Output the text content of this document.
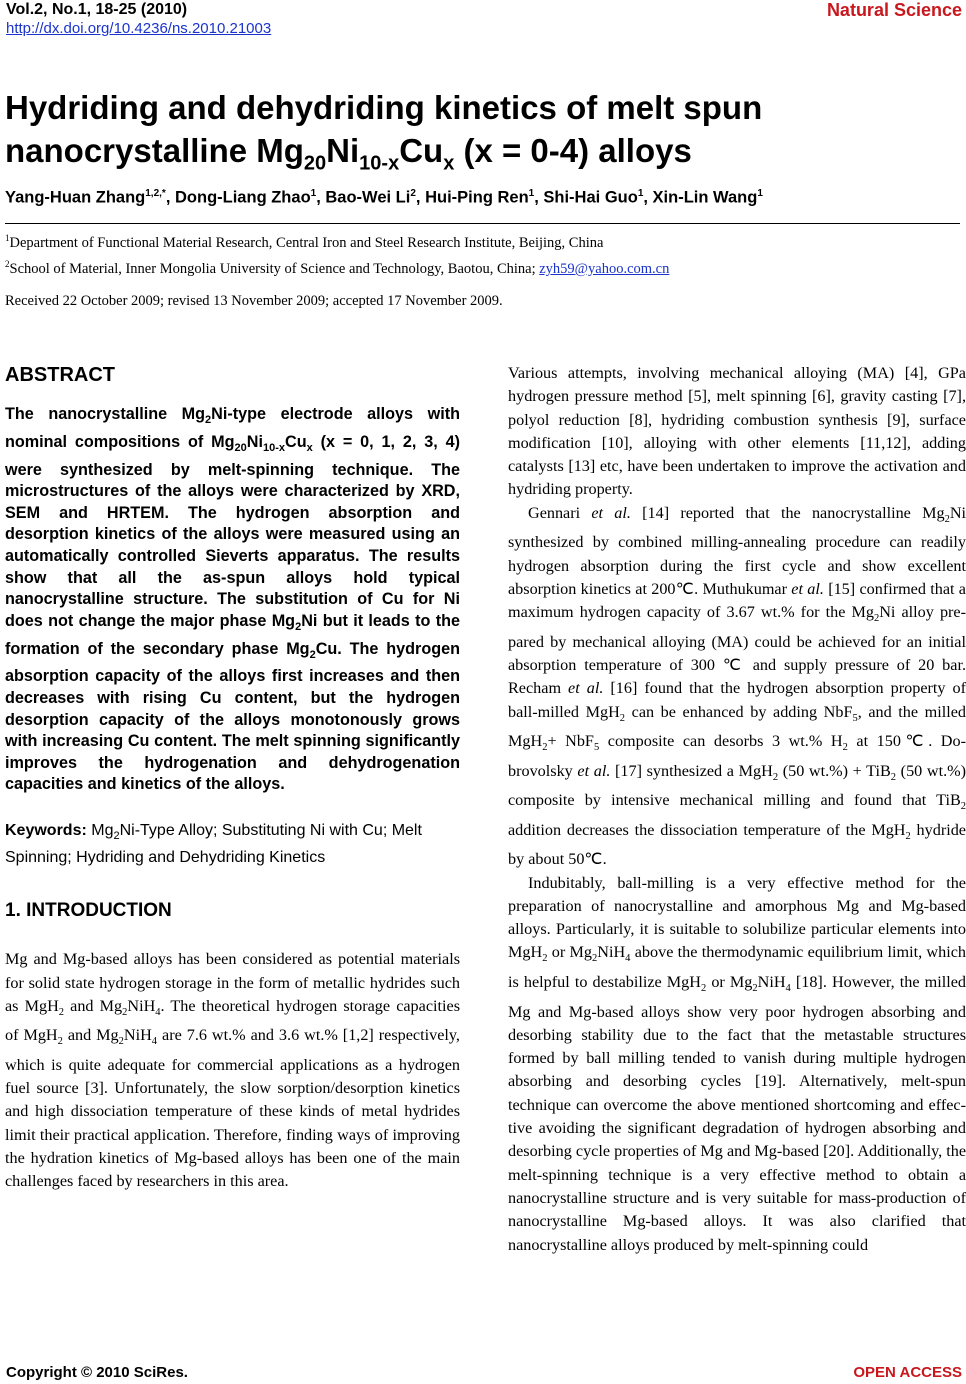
Vol.2, No.1, 18-25 (2010)
http://dx.doi.org/10.4236/ns.2010.21003
Natural Science
Hydriding and dehydriding kinetics of melt spun
nanocrystalline $Mg_{20}Ni_{10-x}Cu_x$ (x = 0-4) alloys
Yang-Huan Zhang$^{1,2,*}$, Dong-Liang Zhao$^1$, Bao-Wei Li$^2$, Hui-Ping Ren$^1$, Shi-Hai Guo$^1$, Xin-Lin Wang$^1$
$^1$Department of Functional Material Research, Central Iron and Steel Research Institute, Beijing, China
$^2$School of Material, Inner Mongolia University of Science and Technology, Baotou, China; zyh59@yahoo.com.cn
Received 22 October 2009; revised 13 November 2009; accepted 17 November 2009.
ABSTRACT

The nanocrystalline $Mg_2Ni$-type electrode alloys with nominal compositions of $Mg_{20}Ni_{10-x}Cu_x$ (x = 0, 1, 2, 3, 4) were synthesized by melt-spinning technique. The microstructures of the alloys were characterized by XRD, SEM and HRTEM. The hydrogen absorption and desorption kinetics of the alloys were measured using an automatically controlled Sieverts apparatus. The results show that all the as-spun alloys hold typical nanocrystalline structure. The substitution of Cu for Ni does not change the major phase $Mg_2Ni$ but it leads to the formation of the secondary phase $Mg_2Cu$. The hydrogen absorption capacity of the alloys first increases and then decreases with rising Cu content, but the hydrogen desorption capacity of the alloys monotonously grows with increasing Cu content. The melt spinning significantly improves the hydrogenation and dehydrogenation capacities and kinetics of the alloys.

Keywords: $Mg_2Ni$-Type Alloy; Substituting Ni with Cu; Melt Spinning; Hydriding and Dehydriding Kinetics

1. INTRODUCTION

Mg and Mg-based alloys has been considered as potential materials for solid state hydrogen storage in the form of metallic hydrides such as MgH$_2$ and $Mg_2NiH_4$. The theoretical hydrogen storage capacities of MgH$_2$ and $Mg_2NiH_4$ are 7.6 wt.% and 3.6 wt.% [1,2] respectively, which is quite adequate for commercial applications as a hydrogen fuel source [3]. Unfortunately, the slow sorption/desorption kinetics and high dissociation temperature of these kinds of metal hydrides limit their practical application. Therefore, finding ways of improving the hydration kinetics of Mg-based alloys has been one of the main challenges faced by researchers in this area.

Various attempts, involving mechanical alloying (MA) [4], GPa hydrogen pressure method [5], melt spinning [6], gravity casting [7], polyol reduction [8], hydriding combustion synthesis [9], surface modification [10], alloying with other elements [11,12], adding catalysts [13] etc, have been undertaken to improve the activation and hydriding property.

Gennari et al. [14] reported that the nanocrystalline $Mg_2Ni$ synthesized by combined milling-annealing procedure can readily hydrogen absorption during the first cycle and show excellent absorption kinetics at 200℃. Muthukumar et al. [15] confirmed that a maximum hydrogen capacity of 3.67 wt.% for the $Mg_2Ni$ alloy prepared by mechanical alloying (MA) could be achieved for an initial absorption temperature of 300 ℃ and supply pressure of 20 bar. Recham et al. [16] found that the hydrogen absorption property of ball-milled MgH$_2$ can be enhanced by adding NbF$_5$, and the milled MgH$_2$+ NbF$_5$ composite can desorbs 3 wt.% $H_2$ at 150℃. Dobrovolsky et al. [17] synthesized a MgH$_2$ (50 wt.%) + TiB$_2$ (50 wt.%) composite by intensive mechanical milling and found that TiB$_2$ addition decreases the dissociation temperature of the MgH$_2$ hydride by about 50℃.

Indubitably, ball-milling is a very effective method for the preparation of nanocrystalline and amorphous Mg and Mg-based alloys. Particularly, it is suitable to solubilize particular elements into MgH$_2$ or $Mg_2NiH_4$ above the thermodynamic equilibrium limit, which is helpful to destabilize MgH$_2$ or $Mg_2NiH_4$ [18]. However, the milled Mg and Mg-based alloys show very poor hydrogen absorbing and desorbing stability due to the fact that the metastable structures formed by ball milling tended to vanish during multiple hydrogen absorbing and desorbing cycles [19]. Alternatively, melt-spun technique can overcome the above mentioned shortcoming and effective avoiding the significant degradation of hydrogen absorbing and desorbing cycle properties of Mg and Mg-based [20]. Additionally, the melt-spinning technique is a very effective method to obtain a nanocrystalline structure and is very suitable for mass-production of nanocrystalline Mg-based alloys. It was also clarified that nanocrystalline alloys produced by melt-spinning could

Copyright © 2010 SciRes.	OPEN ACCESS
